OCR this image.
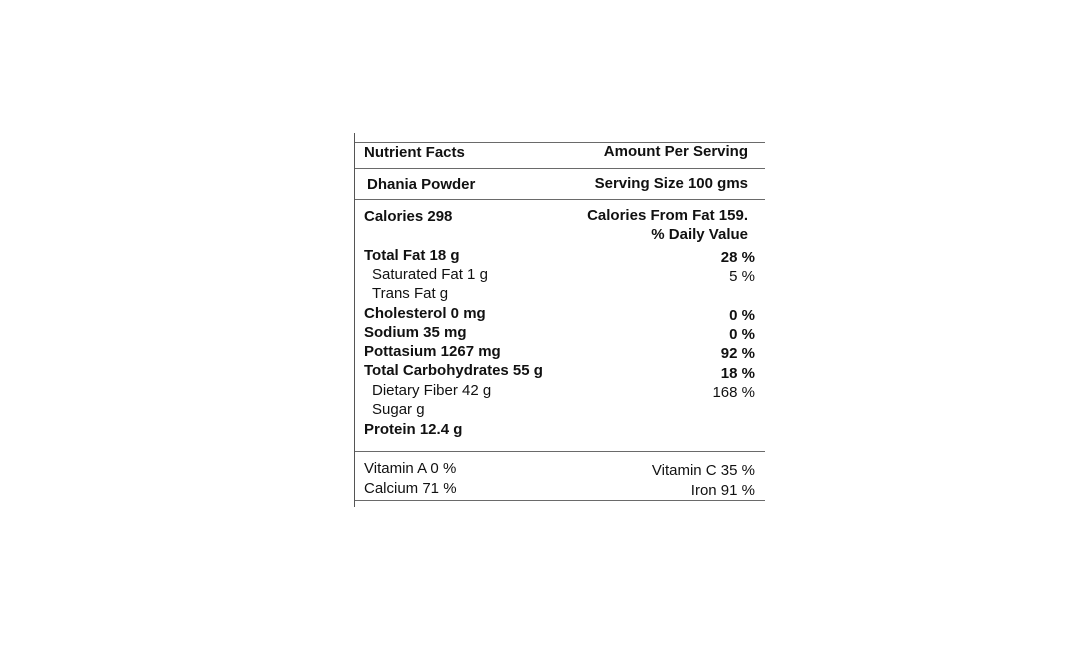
Nutrient Facts	Amount Per Serving
Dhania Powder	Serving Size 100 gms
Calories 298	Calories From Fat 159.
% Daily Value
Total Fat 18 g	28 %
Saturated Fat 1 g	5 %
Trans Fat g
Cholesterol 0 mg	0 %
Sodium 35 mg	0 %
Pottasium 1267 mg	92 %
Total Carbohydrates 55 g	18 %
Dietary Fiber 42 g	168 %
Sugar g
Protein 12.4 g
Vitamin A 0 %	Vitamin C 35 %
Calcium 71 %	Iron 91 %
